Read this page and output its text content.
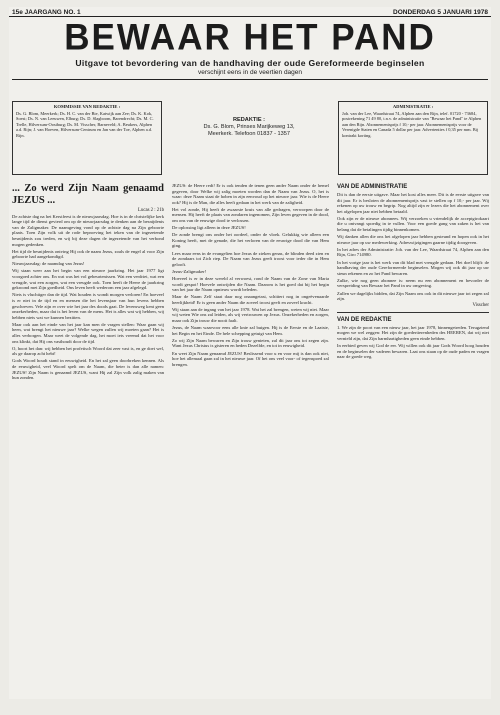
15e JAARGANG NO. 1	DONDERDAG 5 JANUARI 1978
BEWAAR HET PAND
Uitgave tot bevordering van de handhaving der oude Gereformeerde beginselen
verschijnt eens in de veertien dagen
KOMMISSIE VAN REDAKTIE :
Ds. G. Blom, Meerkerk; Ds. H. C. van der Bie, Katwijk aan Zee; Ds. K. Kok, Soest; Ds. N. van Leeuwen, Elburg; Ds. D. Slagboom, Barendrecht; Ds. M. C. Trelle, Hilversum-Oostburg; Ds. M. Visscher, Barneveld; A. Beukers, Alphen a.d. Rijn; J. van Hoeven, Hilversum-Centrum en Jan van der Toe, Alphen a.d. Rijn.
REDAKTIE :
Ds. G. Blom, Prinses Marijkeweg 13,
Meerkerk. Telefoon 01837 - 1357
ADMINISTRATIE :
Joh. van der Lee, Waardstraat 74, Alphen aan den Rijn, telef. 01720 - 73684, postrekening 71 49 80, t.n.v. de administratie van "Bewaar het Pand" te Alphen aan den Rijn. Abonnementsprijs f 10,- per jaar. Abonnementsprijs voor de Verenigde Staten en Canada 5 dollar per jaar. Advertenties f 0,35 per mm. Bij kontrakt korting.
... Zo werd Zijn Naam genaamd JEZUS ...
Lucas 2 : 21b

De achtste dag na het Kerstfeest is de nieuwjaarsdag. Hoe is in de christelijke kerk lange tijd de dienst gevierd om op de nieuwjaarsdag te denken aan de besnijdenis van de Zaligmaker. De naamgeving vond op de achtste dag na Zijn geboorte plaats. Toen Zijn volk uit de rode beproeving het teken van de ingezetende besnijdenis zou treden, en wij bij deze dagen de ingezetende van het verbond mogen gedenken.

Het tijd de besnijdenis ontving Hij ook de naam Jezus, zoals de engel al voor Zijn geboorte had aangekondigd.

Nieuwjaarsdag: de naamdag van Jezus!

Wij staan weer aan het begin van een nieuwe jaarkring. Het jaar 1977 ligt voorgoed achter ons. En wat was het vol gebeurtenissen. Wat een verdriet, wat een vreugde, wat een zorgen, wat een vreugde ook. Toen heeft de Heere de jaarkring gekroond met Zijn goedheid. Ons leven heeft wederom een jaar afgelegd.

Niets is vluchtiger dan de tijd. Wat houden is wondt morgen verloren! En hoeveel is er niet in de tijd en en mensen die het levensjaar van hun levens hebben geschreven. Vele zijn er over wie het jaar des doods gaat. De levensweg kent geen onzekerheden, maar dat is het leven van de mens. Het is alles wat wij hebben, wij hebben niets wat we kunnen bezitten.

Maar ook aan het einde van het jaar kan men de vragen stellen: Waar gaan wij heen, wat brengt het nieuwe jaar? Welke wegen zullen wij moeten gaan? Het is alles verborgen. Maar weet de volgende dag, het moet iets vreemd dat het voor ons klinkt, dat Hij ons vasthoudt door de tijd.

O, hoort het dan: wij hebben het profetisch Woord dat zeer vast is, en ge doet wel, als ge daarop acht hebt!

Gods Woord houdt stand in eeuwigheid. En het zal geen doorbreken kennen. Als de eeuwigheid, veel Woord spelt om de Naam, die beter is dan alle namen: JEZUS! Zijn Naam is genaamd JEZUS, want Hij zal Zijn volk zalig maken van hun zonden.

JEZUS: de Heere redt! Er is ook tenden de tenen geen ander Naam onder de hemel gegeven, door Welke wij zalig moeten worden dan de Naam van Jezus. O, het is waar: deze Naam staat de hoben in zijn eenvoud op het nieuwe jaar. Wie is de Heere ook? Hij is de Man, die alles heeft gedaan in het werk van de zaligheid.

Het vol zonde, Hij heeft de zwaarste kruis van alle gedragen, verworpen door de mensen. Hij heeft de plaats van zondaren ingenomen, Zijn leven gegeven in de dood, om ons van de eeuwige dood te verlossen.

De oplossing ligt alleen in deze JEZUS!

De zonde brengt ons onder het oordeel, onder de vloek. Gelukkig wie alleen een Koning heeft, met de genade, die het verloren van de eeuwige dood die van Hem ging.

Lees maar eens in de evangelien hoe Jezus de zieken genas, de blinden deed zien en de zondaars tot Zich riep. De Naam van Jezus geeft troost voor ieder die in Hem gelooft.

Jezus-Zaligmaker!

Hoeveel is er in deze wereld al verwoest, rond de Naam van de Zone van Maria wordt gespot! Hoevele ontwijden die Naam. Daarom is het goed dat bij het begin van het jaar die Naam opnieuw wordt beleden.

Maar de Naam Zelf staat daar nog onaangetast, schittert nog in ongeëvenaarde heerlijkheid! Er is geen ander Naam die zoveel troost geeft en zoveel kracht.

Wij staan aan de ingang van het jaar 1978. Wat het zal brengen, weten wij niet. Maar wij weten Wie ons zal leiden, als wij vertrouwen op Jezus. Onzekerheden en zorgen, maar ook Zijn trouw die nooit faalt.

Jezus, de Naam waarvoor eens alle knie zal buigen. Hij is de Eerste en de Laatste, het Begin en het Einde. De hele schepping getuigt van Hem.

Zo wij Zijn Naam bewaren en Zijn trouw genieten, zal dit jaar ons tot zegen zijn. Want Jezus Christus is gisteren en heden Dezelfde, en tot in eeuwigheid.

En weet Zijn Naam genaamd JEZUS! Beslissend voor u en voor mij is dan ook niet, hoe het allemaal gaan zal in het nieuwe jaar. Of het ons veel voor- of tegenspoed zal brengen.

VAN DE ADMINISTRATIE

Dit is dan de eerste uitgave. Maar het kost alles meer. Dit is de eerste uitgave van dit jaar. Er is besloten de abonnementsprijs vast te stellen op f 10,- per jaar. Wij rekenen op uw trouw en begrip. Nog altijd zijn er lezers die het abonnement over het afgelopen jaar niet hebben betaald.

Ook zijn er de nieuwe abonnees. Wij verzoeken u vriendelijk de acceptgirokaart die u ontvangt spoedig in te vullen. Voor een goede gang van zaken is het van belang dat de betalingen tijdig binnenkomen.

Wij danken allen die ons het afgelopen jaar hebben gesteund en hopen ook in het nieuwe jaar op uw medewerking. Adreswijzigingen gaarne tijdig doorgeven.

In het adres der Administratie: Joh. van der Lee, Waardstraat 74, Alphen aan den Rijn, Giro 714980.

In het vorige jaar is het werk van dit blad met vreugde gedaan. Het doel blijft: de handhaving der oude Gereformeerde beginselen. Mogen wij ook dit jaar op uw steun rekenen en zo het Pand bewaren.

Zulke, wie nog geen abonnee is: neem nu een abonnement en bevorder de verspreiding van Bewaar het Pand in uw omgeving.

Zullen we dagelijks bidden, dat Zijn Naam ons ook in dit nieuwe jaar tot zegen zal zijn.

Visscher
VAN DE REDAKTIE

1. We zijn de poort van een nieuw jaar, het jaar 1978, binnengetreden. Terugziend mogen we wel zeggen: Het zijn de goedertierenheden des HEEREN, dat wij niet vernield zijn, dat Zijn barmhartigheden geen einde hebben.

In eerbied geven wij God de eer. Wij willen ook dit jaar Gods Woord hoog houden en de beginselen der vaderen bewaren. Laat ons staan op de oude paden en vragen naar de goede weg.
